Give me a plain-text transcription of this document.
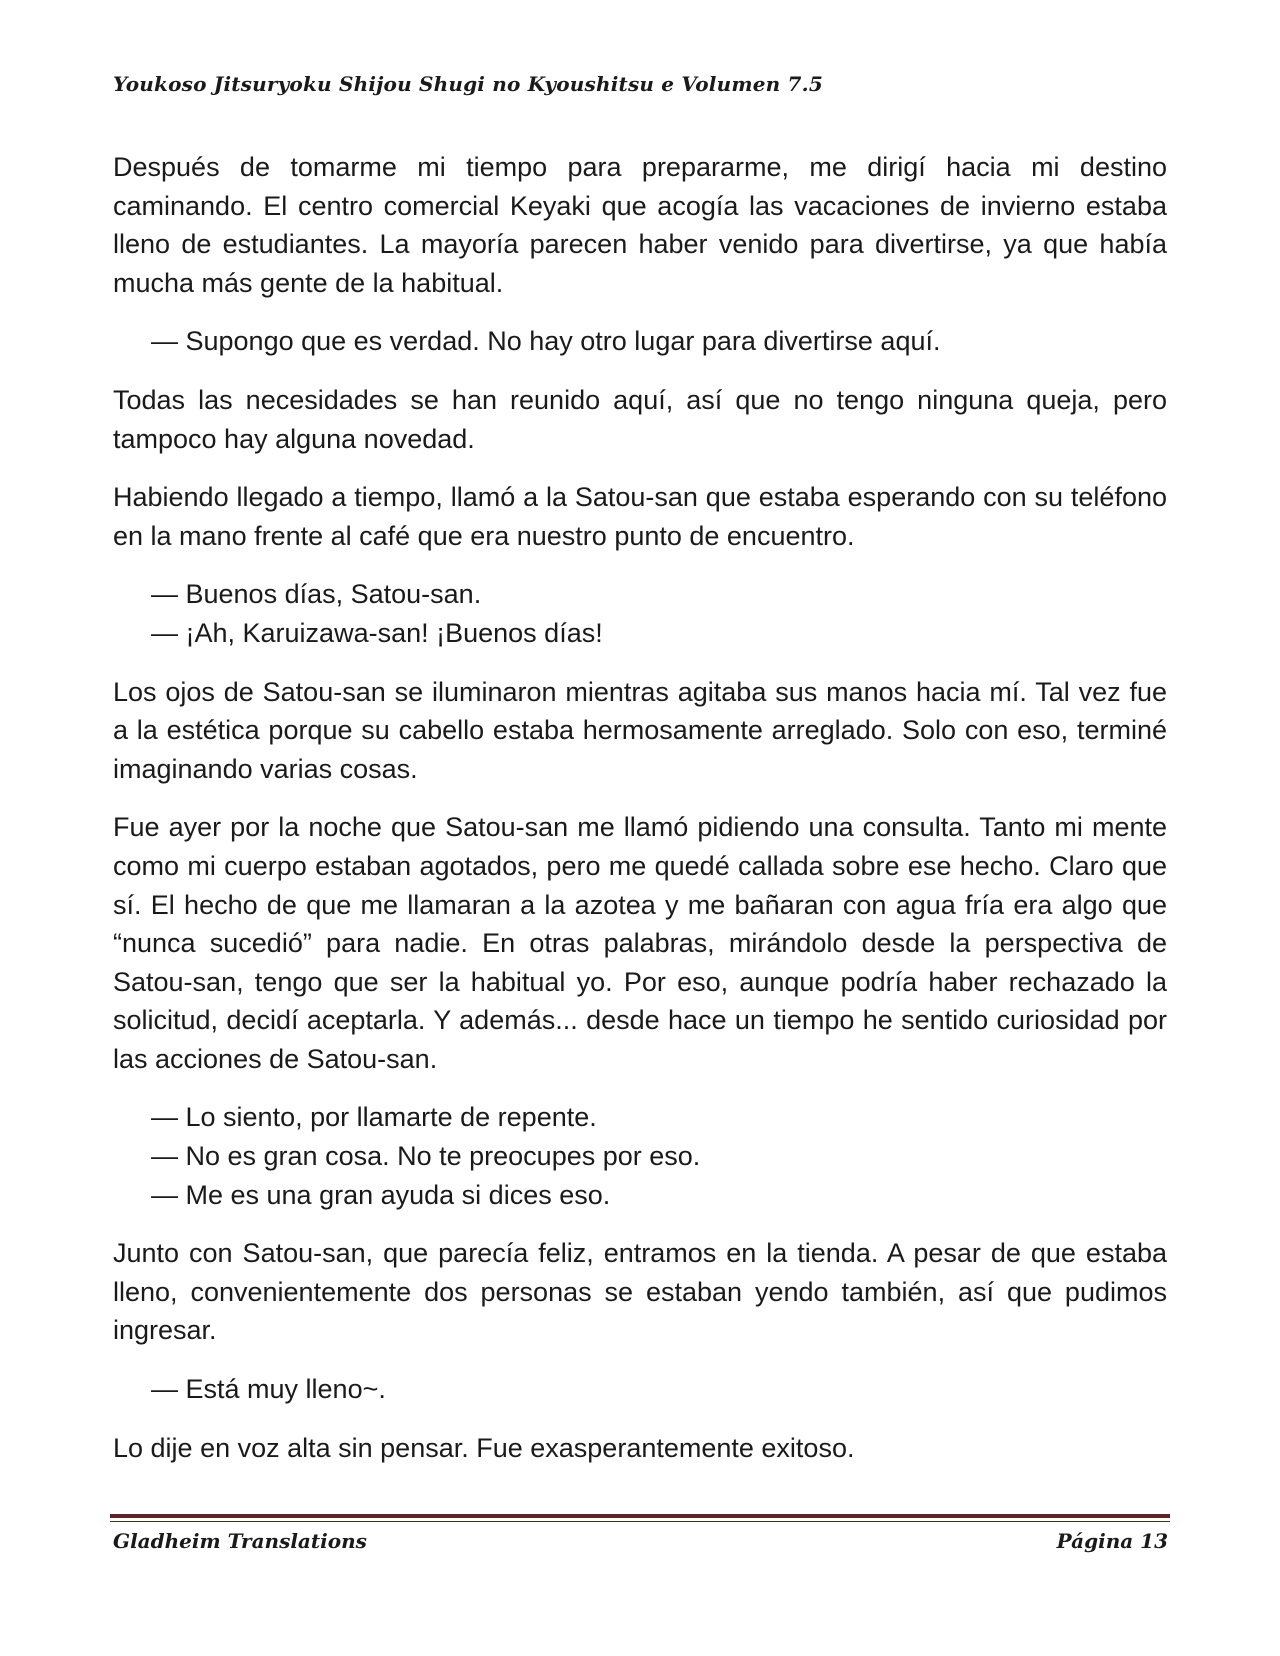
Youkoso Jitsuryoku Shijou Shugi no Kyoushitsu e Volumen 7.5

Después de tomarme mi tiempo para prepararme, me dirigí hacia mi destino caminando. El centro comercial Keyaki que acogía las vacaciones de invierno estaba lleno de estudiantes. La mayoría parecen haber venido para divertirse, ya que había mucha más gente de la habitual.

— Supongo que es verdad. No hay otro lugar para divertirse aquí.

Todas las necesidades se han reunido aquí, así que no tengo ninguna queja, pero tampoco hay alguna novedad.

Habiendo llegado a tiempo, llamó a la Satou-san que estaba esperando con su teléfono en la mano frente al café que era nuestro punto de encuentro.

— Buenos días, Satou-san.
— ¡Ah, Karuizawa-san! ¡Buenos días!

Los ojos de Satou-san se iluminaron mientras agitaba sus manos hacia mí. Tal vez fue a la estética porque su cabello estaba hermosamente arreglado. Solo con eso, terminé imaginando varias cosas.

Fue ayer por la noche que Satou-san me llamó pidiendo una consulta. Tanto mi mente como mi cuerpo estaban agotados, pero me quedé callada sobre ese hecho. Claro que sí. El hecho de que me llamaran a la azotea y me bañaran con agua fría era algo que “nunca sucedió” para nadie. En otras palabras, mirándolo desde la perspectiva de Satou-san, tengo que ser la habitual yo. Por eso, aunque podría haber rechazado la solicitud, decidí aceptarla. Y además... desde hace un tiempo he sentido curiosidad por las acciones de Satou-san.

— Lo siento, por llamarte de repente.
— No es gran cosa. No te preocupes por eso.
— Me es una gran ayuda si dices eso.

Junto con Satou-san, que parecía feliz, entramos en la tienda. A pesar de que estaba lleno, convenientemente dos personas se estaban yendo también, así que pudimos ingresar.

— Está muy lleno~.

Lo dije en voz alta sin pensar. Fue exasperantemente exitoso.

Gladheim Translations	Página 13
